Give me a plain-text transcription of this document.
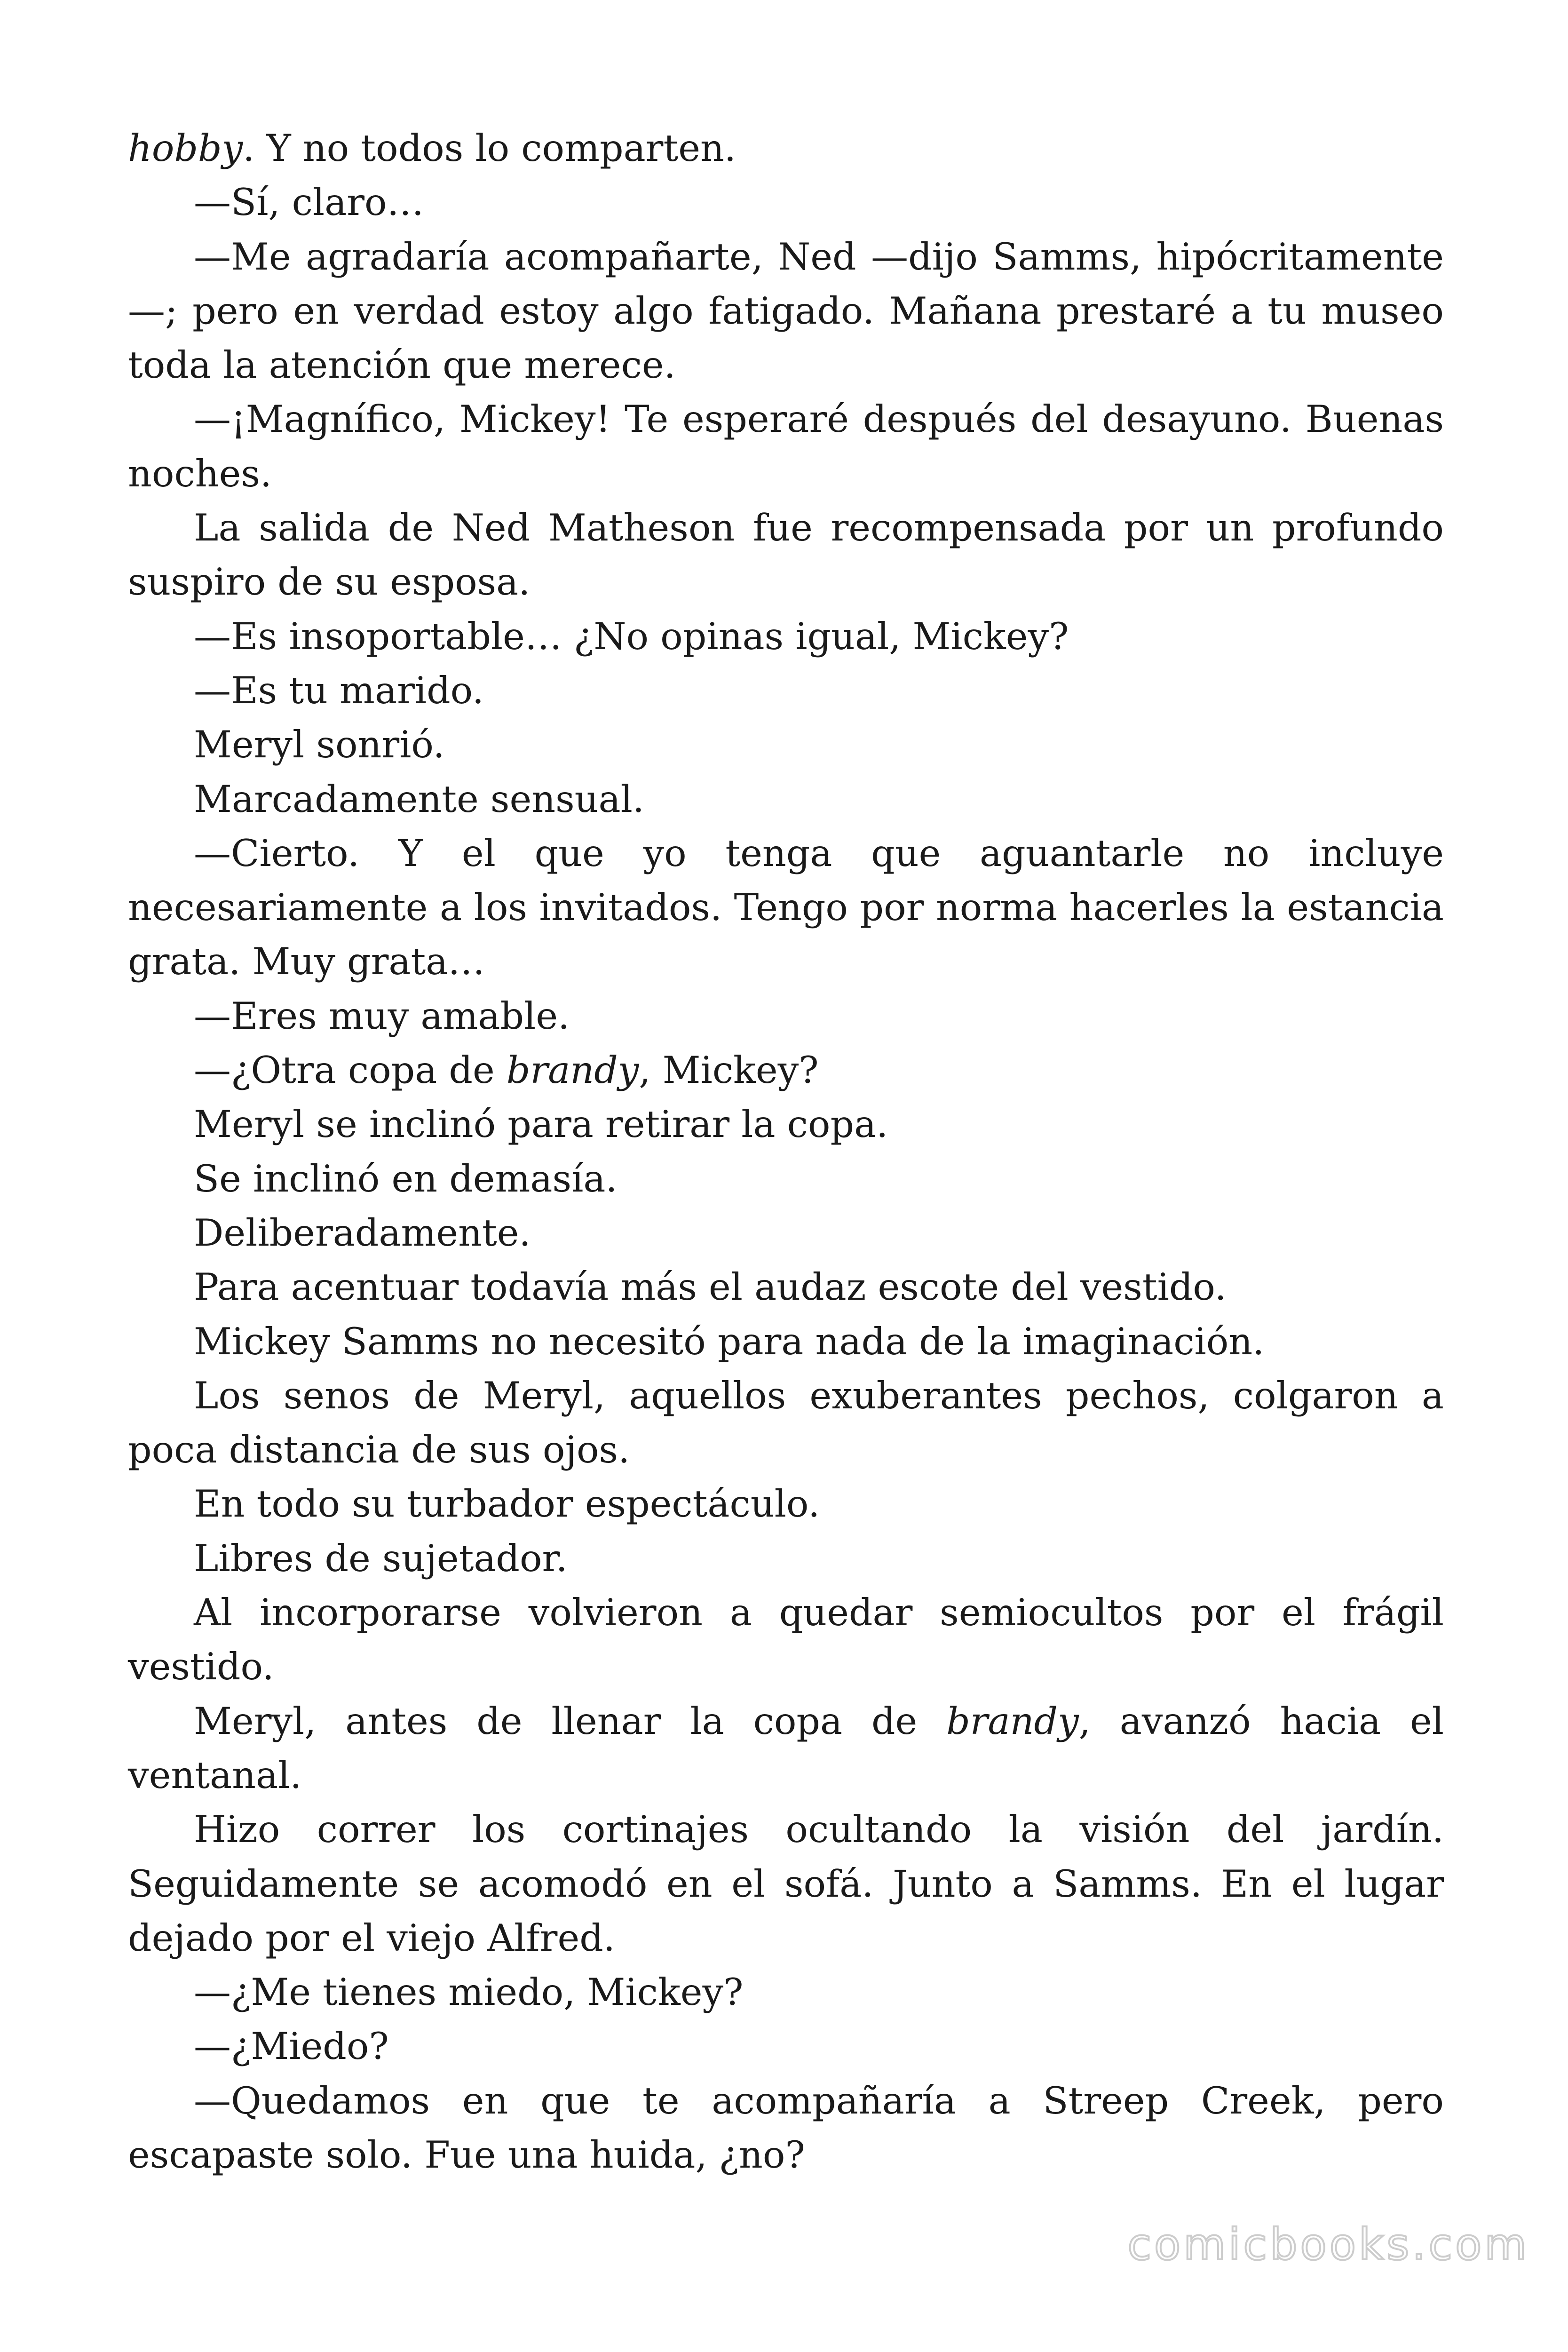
hobby. Y no todos lo comparten.

—Sí, claro…

—Me agradaría acompañarte, Ned —dijo Samms, hipócritamente—; pero en verdad estoy algo fatigado. Mañana prestaré a tu museo toda la atención que merece.

—¡Magnífico, Mickey! Te esperaré después del desayuno. Buenas noches.

La salida de Ned Matheson fue recompensada por un profundo suspiro de su esposa.

—Es insoportable… ¿No opinas igual, Mickey?

—Es tu marido.

Meryl sonrió.

Marcadamente sensual.

—Cierto. Y el que yo tenga que aguantarle no incluye necesariamente a los invitados. Tengo por norma hacerles la estancia grata. Muy grata…

—Eres muy amable.

—¿Otra copa de brandy, Mickey?

Meryl se inclinó para retirar la copa.

Se inclinó en demasía.

Deliberadamente.

Para acentuar todavía más el audaz escote del vestido.

Mickey Samms no necesitó para nada de la imaginación.

Los senos de Meryl, aquellos exuberantes pechos, colgaron a poca distancia de sus ojos.

En todo su turbador espectáculo.

Libres de sujetador.

Al incorporarse volvieron a quedar semiocultos por el frágil vestido.

Meryl, antes de llenar la copa de brandy, avanzó hacia el ventanal.

Hizo correr los cortinajes ocultando la visión del jardín. Seguidamente se acomodó en el sofá. Junto a Samms. En el lugar dejado por el viejo Alfred.

—¿Me tienes miedo, Mickey?

—¿Miedo?

—Quedamos en que te acompañaría a Streep Creek, pero escapaste solo. Fue una huida, ¿no?

comicbooks.com
